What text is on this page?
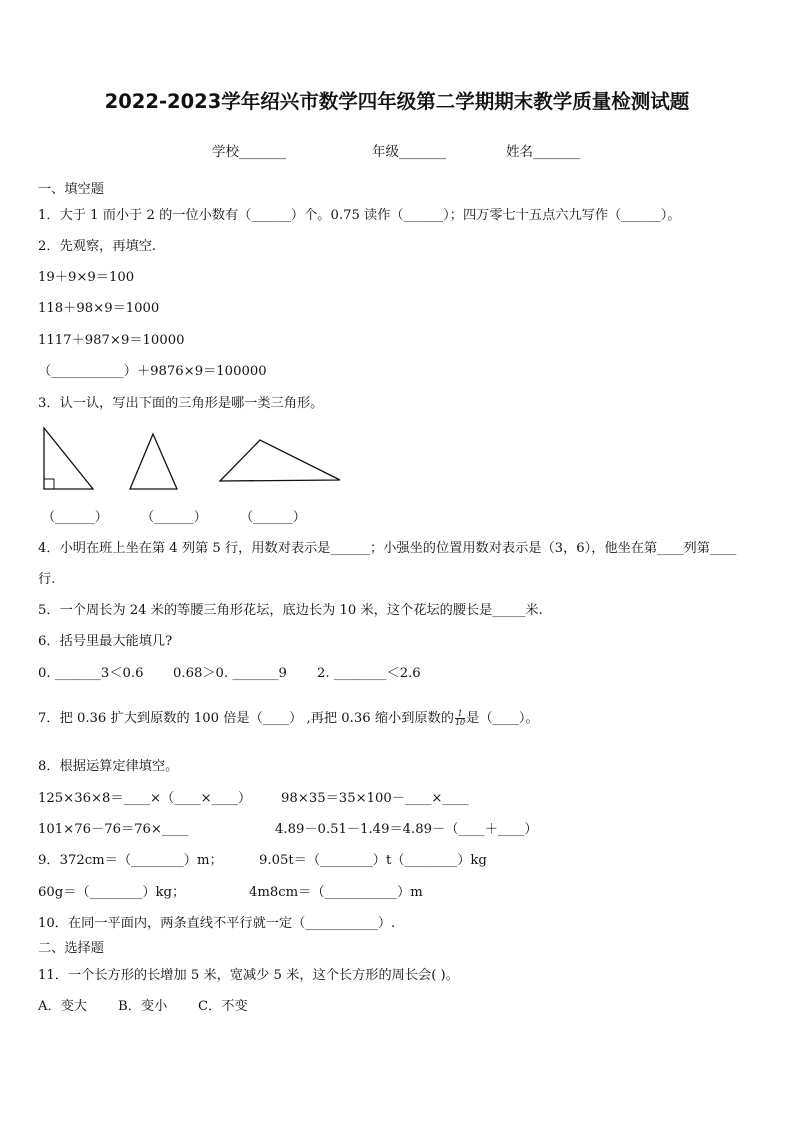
2022-2023学年绍兴市数学四年级第二学期期末教学质量检测试题
学校_______	年级_______	姓名_______
一、填空题
1．大于 1 而小于 2 的一位小数有（______）个。0.75 读作（______）；四万零七十五点六九写作（______）。
2．先观察，再填空.
19＋9×9＝100
118＋98×9＝1000
1117＋987×9＝10000
（___________）＋9876×9＝100000
3．认一认，写出下面的三角形是哪一类三角形。
（______）	（______）	（______）
4．小明在班上坐在第 4 列第 5 行，用数对表示是______；小强坐的位置用数对表示是（3，6），他坐在第____列第____
行.
5．一个周长为 24 米的等腰三角形花坛，底边长为 10 米，这个花坛的腰长是_____米.
6．括号里最大能填几?
0. _______3＜0.6 0.68＞0. _______9 2. ________＜2.6
7．把 0.36 扩大到原数的 100 倍是（____） ,再把 0.36 缩小到原数的 $\frac{1}{10}$ 是（____）。
8．根据运算定律填空。
125×36×8＝____×（____×____） 98×35＝35×100－____×____
101×76－76＝76×____	4.89－0.51－1.49＝4.89－（____＋____）
9．372cm＝（________）m；	9.05t＝（________）t（________）kg
60g＝（________）kg；	4m8cm＝（___________）m
10．在同一平面内，两条直线不平行就一定（___________）.
二、选择题
11．一个长方形的长增加 5 米，宽减少 5 米，这个长方形的周长会( )。
A．变大 B．变小 C．不变
